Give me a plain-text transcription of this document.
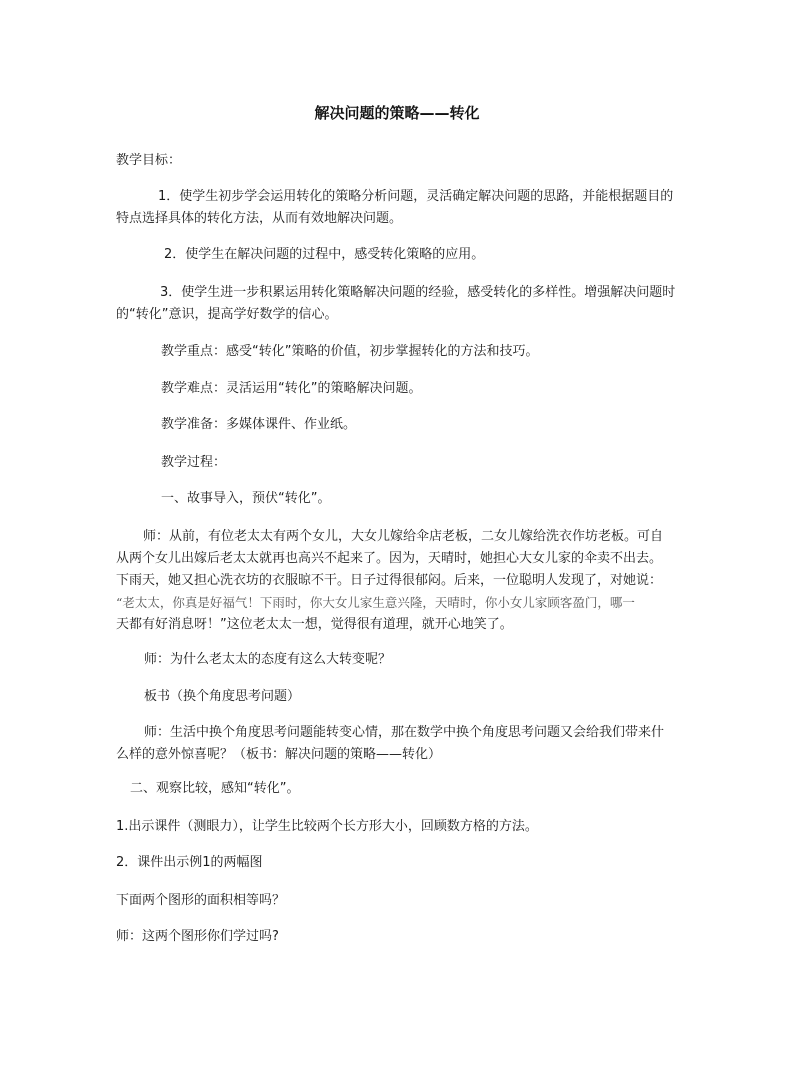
解决问题的策略——转化

教学目标：

1．使学生初步学会运用转化的策略分析问题，灵活确定解决问题的思路，并能根据题目的
特点选择具体的转化方法，从而有效地解决问题。

2．使学生在解决问题的过程中，感受转化策略的应用。

3．使学生进一步积累运用转化策略解决问题的经验，感受转化的多样性。增强解决问题时
的“转化”意识，提高学好数学的信心。

教学重点：感受“转化”策略的价值，初步掌握转化的方法和技巧。

教学难点：灵活运用“转化”的策略解决问题。

教学准备：多媒体课件、作业纸。

教学过程：

一、故事导入，预伏“转化”。

师：从前，有位老太太有两个女儿，大女儿嫁给伞店老板，二女儿嫁给洗衣作坊老板。可自
从两个女儿出嫁后老太太就再也高兴不起来了。因为，天晴时，她担心大女儿家的伞卖不出去。
下雨天，她又担心洗衣坊的衣服晾不干。日子过得很郁闷。后来，一位聪明人发现了，对她说：
“老太太，你真是好福气！下雨时，你大女儿家生意兴隆，天晴时，你小女儿家顾客盈门，哪一
天都有好消息呀！”这位老太太一想，觉得很有道理，就开心地笑了。

师：为什么老太太的态度有这么大转变呢？

板书（换个角度思考问题）

师：生活中换个角度思考问题能转变心情，那在数学中换个角度思考问题又会给我们带来什
么样的意外惊喜呢？（板书：解决问题的策略——转化）

二、观察比较，感知“转化”。

1.出示课件（测眼力），让学生比较两个长方形大小，回顾数方格的方法。

2．课件出示例1的两幅图

下面两个图形的面积相等吗？

师：这两个图形你们学过吗?
